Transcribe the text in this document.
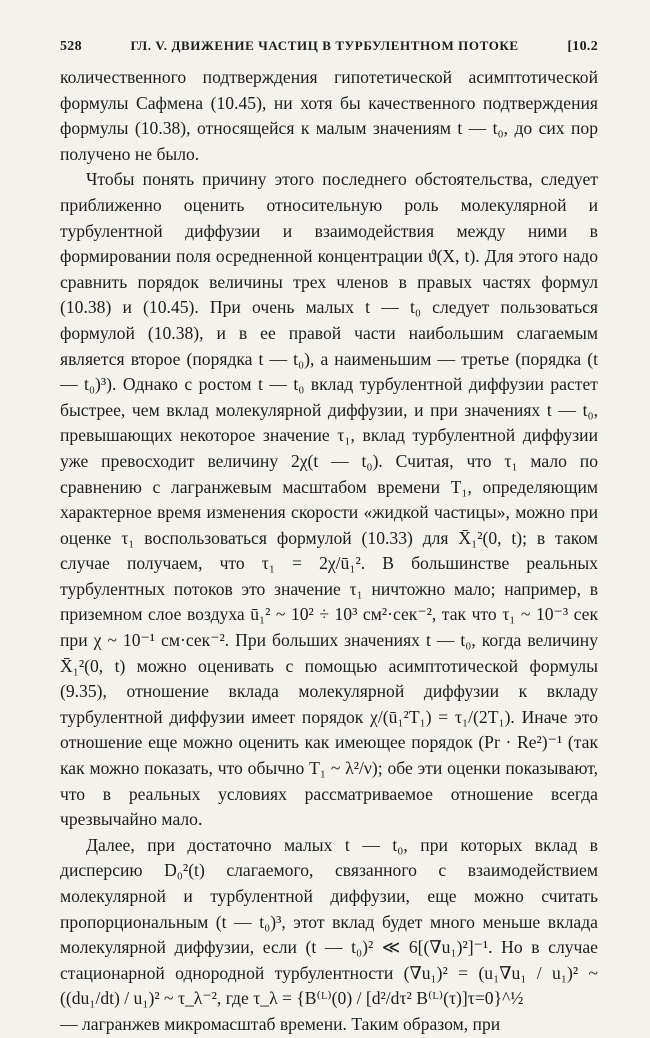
528	ГЛ. V. ДВИЖЕНИЕ ЧАСТИЦ В ТУРБУЛЕНТНОМ ПОТОКЕ	[10.2

количественного подтверждения гипотетической асимптотической формулы Сафмена (10.45), ни хотя бы качественного подтверждения формулы (10.38), относящейся к малым значениям t — t₀, до сих пор получено не было.

Чтобы понять причину этого последнего обстоятельства, следует приближенно оценить относительную роль молекулярной и турбулентной диффузии и взаимодействия между ними в формировании поля осредненной концентрации ϑ(X, t). Для этого надо сравнить порядок величины трех членов в правых частях формул (10.38) и (10.45). При очень малых t — t₀ следует пользоваться формулой (10.38), и в ее правой части наибольшим слагаемым является второе (порядка t — t₀), а наименьшим — третье (порядка (t — t₀)³). Однако с ростом t — t₀ вклад турбулентной диффузии растет быстрее, чем вклад молекулярной диффузии, и при значениях t — t₀, превышающих некоторое значение τ₁, вклад турбулентной диффузии уже превосходит величину 2χ(t — t₀). Считая, что τ₁ мало по сравнению с лагранжевым масштабом времени T₁, определяющим характерное время изменения скорости «жидкой частицы», можно при оценке τ₁ воспользоваться формулой (10.33) для X̄₁²(0, t); в таком случае получаем, что τ₁ = 2χ/ū₁². В большинстве реальных турбулентных потоков это значение τ₁ ничтожно мало; например, в приземном слое воздуха ū₁² ~ 10² ÷ 10³ см²·сек⁻², так что τ₁ ~ 10⁻³ сек при χ ~ 10⁻¹ см·сек⁻². При больших значениях t — t₀, когда величину X̄₁²(0, t) можно оценивать с помощью асимптотической формулы (9.35), отношение вклада молекулярной диффузии к вкладу турбулентной диффузии имеет порядок χ/(ū₁²T₁) = τ₁/(2T₁). Иначе это отношение еще можно оценить как имеющее порядок (Pr · Re²)⁻¹ (так как можно показать, что обычно T₁ ~ λ²/ν); обе эти оценки показывают, что в реальных условиях рассматриваемое отношение всегда чрезвычайно мало.

Далее, при достаточно малых t — t₀, при которых вклад в дисперсию D₀²(t) слагаемого, связанного с взаимодействием молекулярной и турбулентной диффузии, еще можно считать пропорциональным (t — t₀)³, этот вклад будет много меньше вклада молекулярной диффузии, если (t — t₀)² ≪ 6[(∇u₁)²]⁻¹. Но в случае стационарной однородной турбулентности (∇u₁)² = (u₁∇u₁ / u₁)² ~ ((du₁/dt) / u₁)² ~ τ_λ⁻², где τ_λ = {B⁽ᴸ⁾(0) / [d²/dτ² B⁽ᴸ⁾(τ)]τ=0}^½

— лагранжев микромасштаб времени. Таким образом, при
